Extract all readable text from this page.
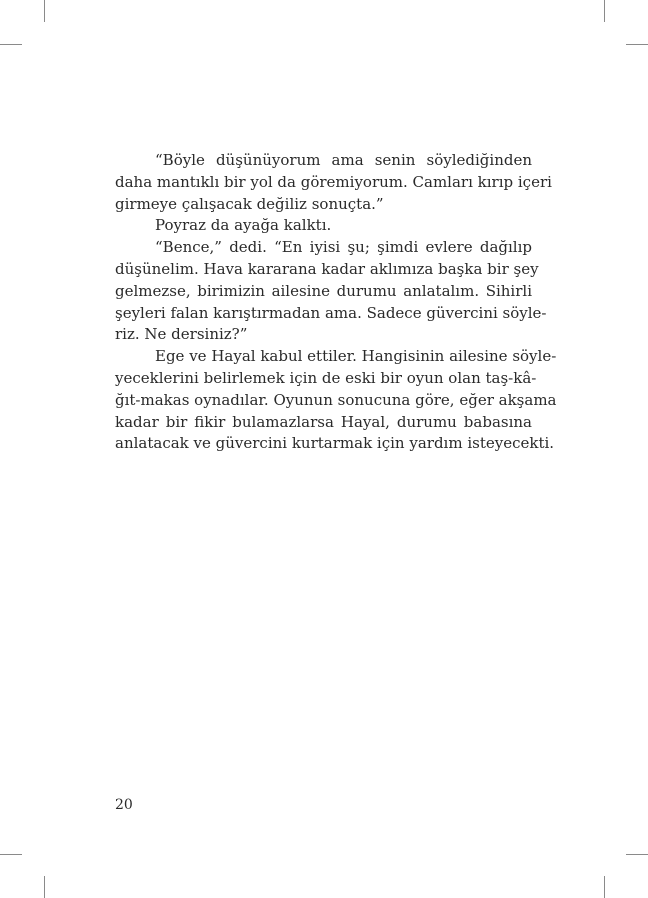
“Böyle düşünüyorum ama senin söylediğinden
daha mantıklı bir yol da göremiyorum. Camları kırıp içeri
girmeye çalışacak değiliz sonuçta.”
Poyraz da ayağa kalktı.
“Bence,” dedi. “En iyisi şu; şimdi evlere dağılıp
düşünelim. Hava kararana kadar aklımıza başka bir şey
gelmezse, birimizin ailesine durumu anlatalım. Sihirli
şeyleri falan karıştırmadan ama. Sadece güvercini söyle-
riz. Ne dersiniz?”
Ege ve Hayal kabul ettiler. Hangisinin ailesine söyle-
yeceklerini belirlemek için de eski bir oyun olan taş-kâ-
ğıt-makas oynadılar. Oyunun sonucuna göre, eğer akşama
kadar bir fikir bulamazlarsa Hayal, durumu babasına
anlatacak ve güvercini kurtarmak için yardım isteyecekti.
20
